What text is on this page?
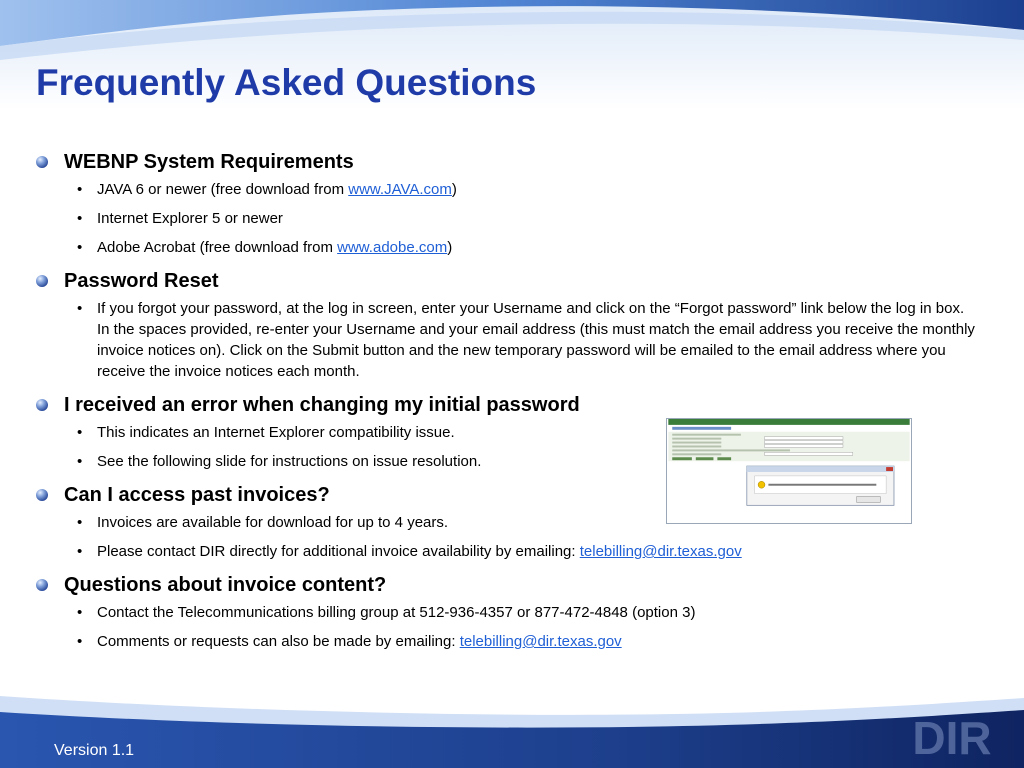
Frequently Asked Questions
WEBNP System Requirements
• JAVA 6 or newer (free download from www.JAVA.com)
• Internet Explorer 5 or newer
• Adobe Acrobat (free download from www.adobe.com)
Password Reset
• If you forgot your password, at the log in screen, enter your Username and click on the “Forgot password” link below the log in box. In the spaces provided, re-enter your Username and your email address (this must match the email address you receive the monthly invoice notices on). Click on the Submit button and the new temporary password will be emailed to the email address where you receive the invoice notices each month.
I received an error when changing my initial password
• This indicates an Internet Explorer compatibility issue.
• See the following slide for instructions on issue resolution.
Can I access past invoices?
• Invoices are available for download for up to 4 years.
• Please contact DIR directly for additional invoice availability by emailing: telebilling@dir.texas.gov
Questions about invoice content?
• Contact the Telecommunications billing group at 512-936-4357 or 877-472-4848 (option 3)
• Comments or requests can also be made by emailing: telebilling@dir.texas.gov
Version 1.1	DIR
